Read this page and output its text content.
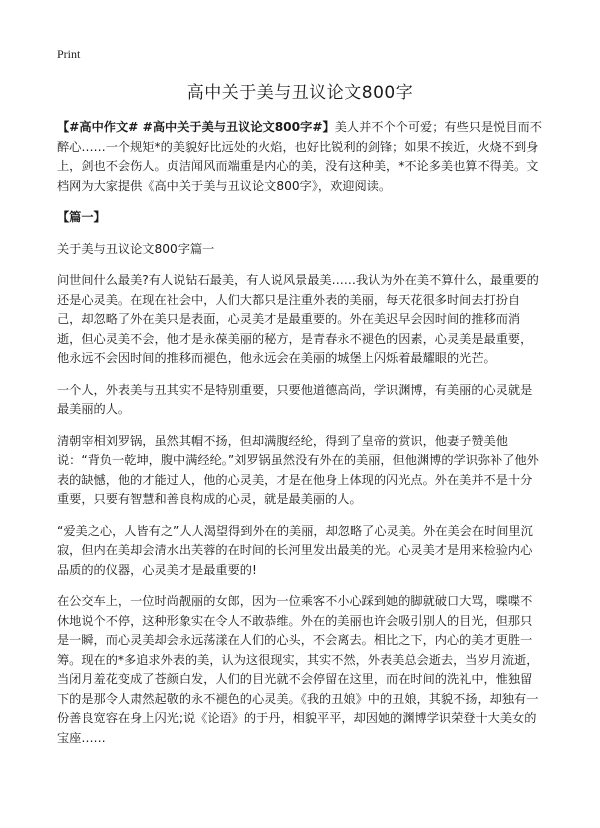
Print
高中关于美与丑议论文800字

【#高中作文# #高中关于美与丑议论文800字#】美人并不个个可爱；有些只是悦目而不醉心……一个规矩*的美貌好比远处的火焰，也好比锐利的剑锋；如果不挨近，火烧不到身上，剑也不会伤人。贞洁闻风而端重是内心的美，没有这种美，*不论多美也算不得美。文档网为大家提供《高中关于美与丑议论文800字》，欢迎阅读。

【篇一】
关于美与丑议论文800字篇一

问世间什么最美?有人说钻石最美，有人说风景最美……我认为外在美不算什么，最重要的还是心灵美。在现在社会中，人们大都只是注重外表的美丽，每天花很多时间去打扮自己，却忽略了外在美只是表面，心灵美才是最重要的。外在美迟早会因时间的推移而消逝，但心灵美不会，他才是永葆美丽的秘方，是青春永不褪色的因素，心灵美是最重要，他永远不会因时间的推移而褪色，他永远会在美丽的城堡上闪烁着最耀眼的光芒。

一个人，外表美与丑其实不是特别重要，只要他道德高尚，学识渊博，有美丽的心灵就是最美丽的人。

清朝宰相刘罗锅，虽然其帽不扬，但却满腹经纶，得到了皇帝的赏识，他妻子赞美他说：“背负一乾坤，腹中满经纶。”刘罗锅虽然没有外在的美丽，但他渊博的学识弥补了他外表的缺憾，他的才能过人，他的心灵美，才是在他身上体现的闪光点。外在美并不是十分重要，只要有智慧和善良构成的心灵，就是最美丽的人。

“爱美之心，人皆有之”人人渴望得到外在的美丽，却忽略了心灵美。外在美会在时间里沉寂，但内在美却会清水出芙蓉的在时间的长河里发出最美的光。心灵美才是用来检验内心品质的的仪器，心灵美才是最重要的!

在公交车上，一位时尚靓丽的女郎，因为一位乘客不小心踩到她的脚就破口大骂，喋喋不休地说个不停，这种形象实在令人不敢恭维。外在的美丽也许会吸引别人的目光，但那只是一瞬，而心灵美却会永远荡漾在人们的心头，不会离去。相比之下，内心的美才更胜一筹。现在的*多追求外表的美，认为这很现实，其实不然，外表美总会逝去，当岁月流逝，当闭月羞花变成了苍颜白发，人们的目光就不会停留在这里，而在时间的洗礼中，惟独留下的是那令人肃然起敬的永不褪色的心灵美。《我的丑娘》中的丑娘，其貌不扬，却独有一份善良宽容在身上闪光;说《论语》的于丹，相貌平平，却因她的渊博学识荣登十大美女的宝座……
